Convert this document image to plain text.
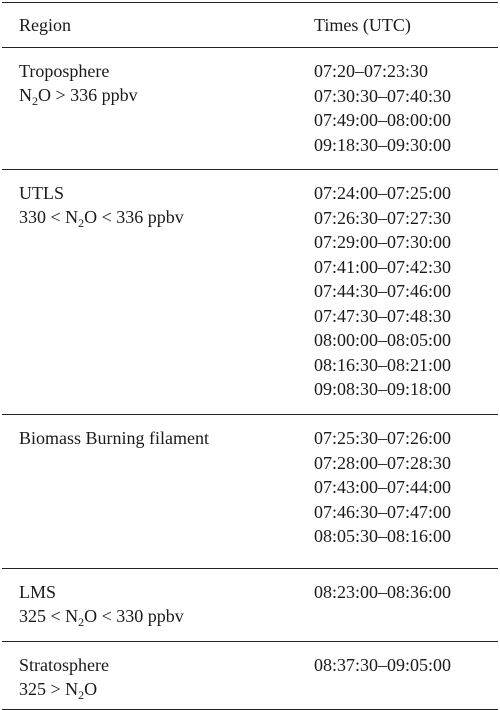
Region	Times (UTC)
Troposphere
$N_2O > 336$ ppbv
07:20–07:23:30
07:30:30–07:40:30
07:49:00–08:00:00
09:18:30–09:30:00
UTLS
$330 < N_2O < 336$ ppbv
07:24:00–07:25:00
07:26:30–07:27:30
07:29:00–07:30:00
07:41:00–07:42:30
07:44:30–07:46:00
07:47:30–07:48:30
08:00:00–08:05:00
08:16:30–08:21:00
09:08:30–09:18:00
Biomass Burning filament	07:25:30–07:26:00
07:28:00–07:28:30
07:43:00–07:44:00
07:46:30–07:47:00
08:05:30–08:16:00
LMS
$325 < N_2O < 330$ ppbv
08:23:00–08:36:00
Stratosphere
$325 > N_2O$
08:37:30–09:05:00
